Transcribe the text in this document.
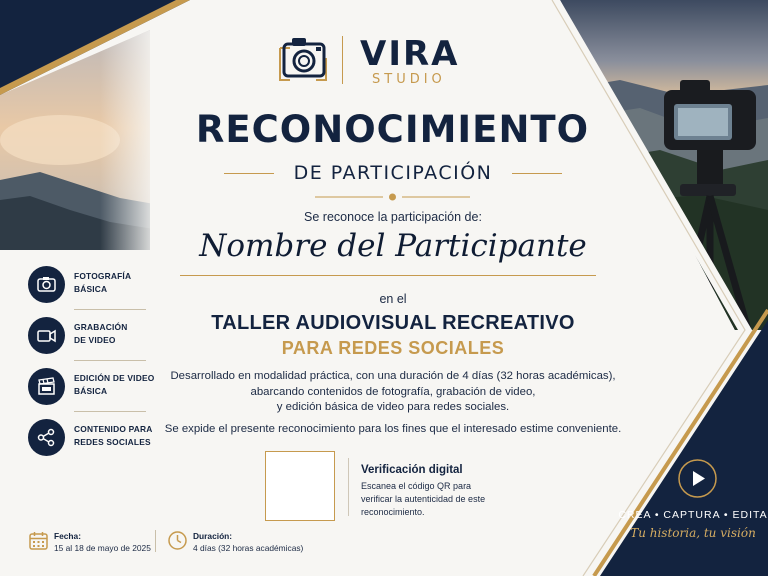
VIRA
STUDIO
RECONOCIMIENTO
DE PARTICIPACIÓN
Se reconoce la participación de:
Nombre del Participante
en el
TALLER AUDIOVISUAL RECREATIVO
PARA REDES SOCIALES
Desarrollado en modalidad práctica, con una duración de 4 días (32 horas académicas),
abarcando contenidos de fotografía, grabación de video,
y edición básica de video para redes sociales.
Se expide el presente reconocimiento para los fines que el interesado estime conveniente.
Verificación digital
Escanea el código QR para
verificar la autenticidad de este
reconocimiento.
FOTOGRAFÍA
BÁSICA
GRABACIÓN
DE VIDEO
EDICIÓN DE VIDEO
BÁSICA
CONTENIDO PARA
REDES SOCIALES
Fecha:
15 al 18 de mayo de 2025
Duración:
4 días (32 horas académicas)
CREA • CAPTURA • EDITA
Tu historia, tu visión
